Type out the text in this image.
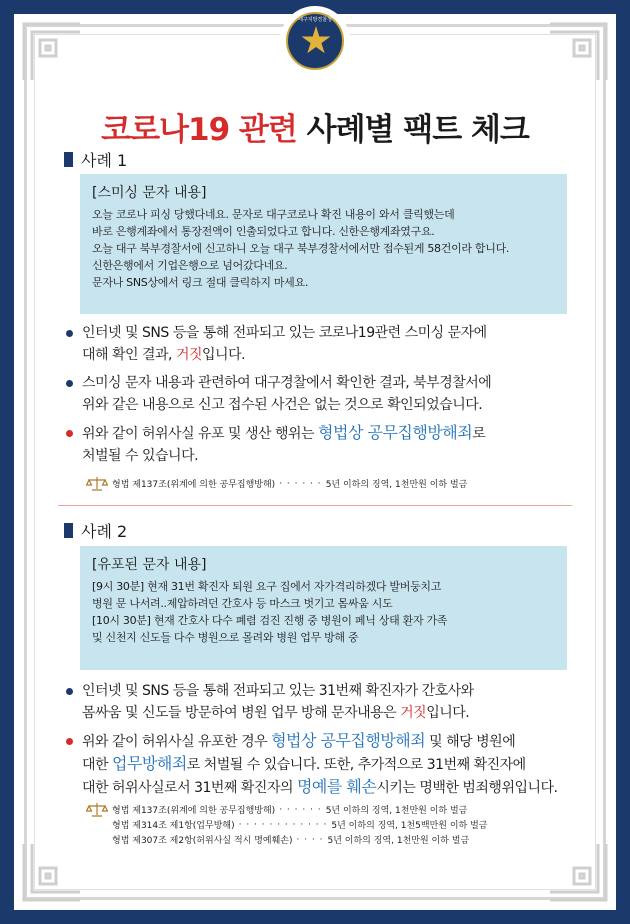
대구지방경찰청
코로나19 관련 사례별 팩트 체크
사례 1
[스미싱 문자 내용]
오늘 코로나 피싱 당했다네요. 문자로 대구코로나 확진 내용이 와서 클릭했는데
바로 은행계좌에서 통장전액이 인출되었다고 합니다. 신한은행계좌였구요.
오늘 대구 북부경찰서에 신고하니 오늘 대구 북부경찰서에서만 접수된게 58건이라 합니다.
신한은행에서 기업은행으로 넘어갔다네요.
문자나 SNS상에서 링크 절대 클릭하지 마세요.
인터넷 및 SNS 등을 통해 전파되고 있는 코로나19관련 스미싱 문자에
대해 확인 결과, 거짓입니다.
스미싱 문자 내용과 관련하여 대구경찰에서 확인한 결과, 북부경찰서에
위와 같은 내용으로 신고 접수된 사건은 없는 것으로 확인되었습니다.
위와 같이 허위사실 유포 및 생산 행위는 형법상 공무집행방해죄로
처벌될 수 있습니다.
형법 제137조(위계에 의한 공무집행방해) · · · · · · 5년 이하의 징역, 1천만원 이하 벌금
사례 2
[유포된 문자 내용]
[9시 30분] 현재 31번 확진자 퇴원 요구 집에서 자가격리하겠다 발버둥치고
병원 문 나서려..제압하려던 간호사 등 마스크 벗기고 몸싸움 시도
[10시 30분] 현재 간호사 다수 폐렴 검진 진행 중 병원이 페닉 상태 환자 가족
및 신천지 신도들 다수 병원으로 몰려와 병원 업무 방해 중
인터넷 및 SNS 등을 통해 전파되고 있는 31번째 확진자가 간호사와
몸싸움 및 신도들 방문하여 병원 업무 방해 문자내용은 거짓입니다.
위와 같이 허위사실 유포한 경우 형법상 공무집행방해죄 및 해당 병원에
대한 업무방해죄로 처벌될 수 있습니다. 또한, 추가적으로 31번째 확진자에
대한 허위사실로서 31번째 확진자의 명예를 훼손시키는 명백한 범죄행위입니다.
형법 제137조(위계에 의한 공무집행방해) · · · · · · 5년 이하의 징역, 1천만원 이하 벌금
형법 제314조 제1항(업무방해) · · · · · · · · · · · · 5년 이하의 징역, 1천5백만원 이하 벌금
형법 제307조 제2항(허위사실 적시 명예훼손) · · · · 5년 이하의 징역, 1천만원 이하 벌금
